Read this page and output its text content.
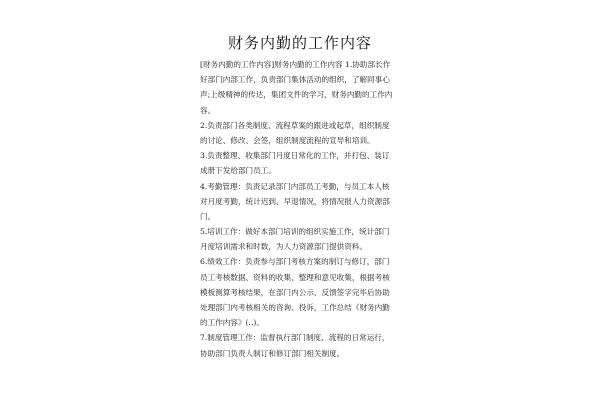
财务内勤的工作内容
[财务内勤的工作内容]财务内勤的工作内容 1.协助部长作
好部门内部工作，负责部门集体活动的组织，了解同事心
声;上级精神的传达，集团文件的学习，财务内勤的工作内
容。
2.负责部门各类制度、流程草案的跟进或起草，组织制度
的讨论、修改、会签，组织制度流程的宣导和培训。
3.负责整理、收集部门月度日常化的工作，并打包、装订
成册下发给部门员工。
4.考勤管理：负责记录部门内部员工考勤，与员工本人核
对月度考勤，统计迟到、早退情况，将情况报人力资源部
门。
5.培训工作：做好本部门培训的组织实施工作，统计部门
月度培训需求和时数，为人力资源部门提供资料。
6.绩效工作：负责参与部门考核方案的制订与修订，部门
员工考核数据、资料的收集、整理和意见收集，根据考核
模板测算考核结果，在部门内公示、反馈签字完毕后协助
处理部门内考核相关的咨询、投诉，工作总结《财务内勤
的工作内容》(..)。
7.制度管理工作：监督执行部门制度、流程的日常运行，
协助部门负责人制订和修订部门相关制度。
